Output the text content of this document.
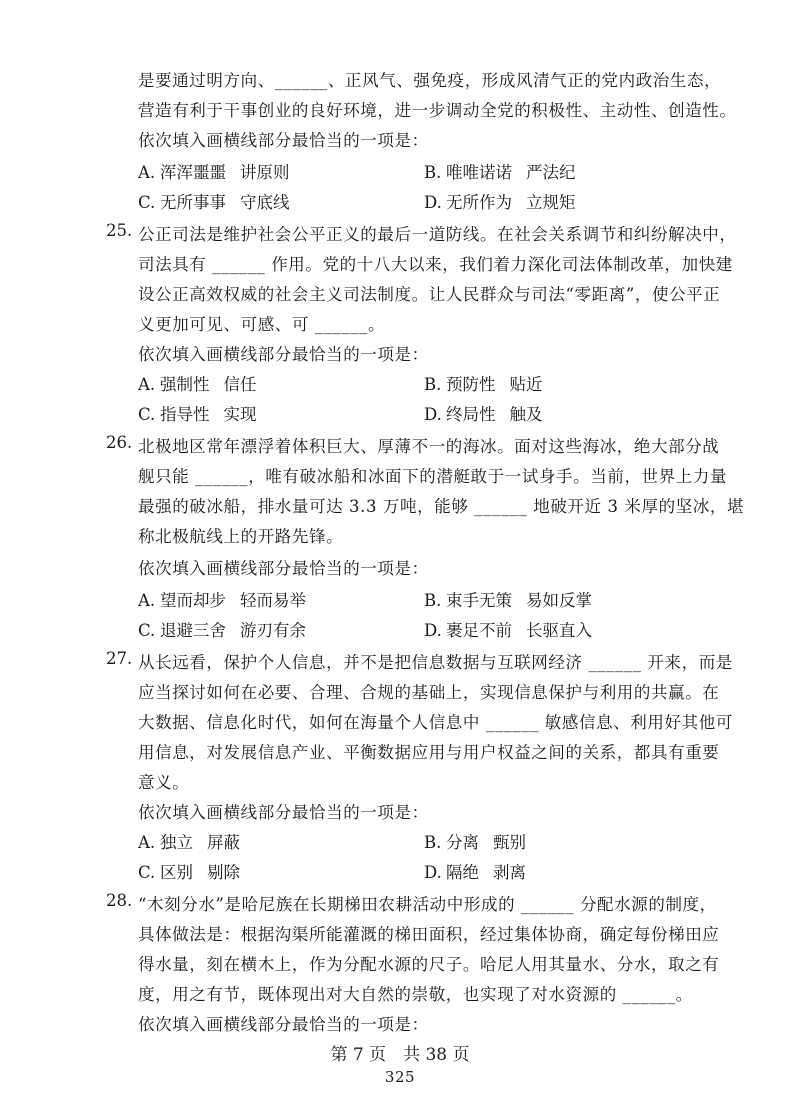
是要通过明方向、______、正风气、强免疫，形成风清气正的党内政治生态，
营造有利于干事创业的良好环境，进一步调动全党的积极性、主动性、创造性。
依次填入画横线部分最恰当的一项是：
A. 浑浑噩噩 讲原则	B. 唯唯诺诺 严法纪
C. 无所事事 守底线	D. 无所作为 立规矩
25. 公正司法是维护社会公平正义的最后一道防线。在社会关系调节和纠纷解决中，
司法具有 ______ 作用。党的十八大以来，我们着力深化司法体制改革，加快建
设公正高效权威的社会主义司法制度。让人民群众与司法“零距离”，使公平正
义更加可见、可感、可 ______。
依次填入画横线部分最恰当的一项是：
A. 强制性 信任	B. 预防性 贴近
C. 指导性 实现	D. 终局性 触及
26. 北极地区常年漂浮着体积巨大、厚薄不一的海冰。面对这些海冰，绝大部分战
舰只能 ______，唯有破冰船和冰面下的潜艇敢于一试身手。当前，世界上力量
最强的破冰船，排水量可达 3.3 万吨，能够 ______ 地破开近 3 米厚的坚冰，堪
称北极航线上的开路先锋。
依次填入画横线部分最恰当的一项是：
A. 望而却步 轻而易举	B. 束手无策 易如反掌
C. 退避三舍 游刃有余	D. 裹足不前 长驱直入
27. 从长远看，保护个人信息，并不是把信息数据与互联网经济 ______ 开来，而是
应当探讨如何在必要、合理、合规的基础上，实现信息保护与利用的共赢。在
大数据、信息化时代，如何在海量个人信息中 ______ 敏感信息、利用好其他可
用信息，对发展信息产业、平衡数据应用与用户权益之间的关系，都具有重要
意义。
依次填入画横线部分最恰当的一项是：
A. 独立 屏蔽	B. 分离 甄别
C. 区别 剔除	D. 隔绝 剥离
28. “木刻分水”是哈尼族在长期梯田农耕活动中形成的 ______ 分配水源的制度，
具体做法是：根据沟渠所能灌溉的梯田面积，经过集体协商，确定每份梯田应
得水量，刻在横木上，作为分配水源的尺子。哈尼人用其量水、分水，取之有
度，用之有节，既体现出对大自然的崇敬，也实现了对水资源的 ______。
第 7 页　共 38 页
325
依次填入画横线部分最恰当的一项是：
